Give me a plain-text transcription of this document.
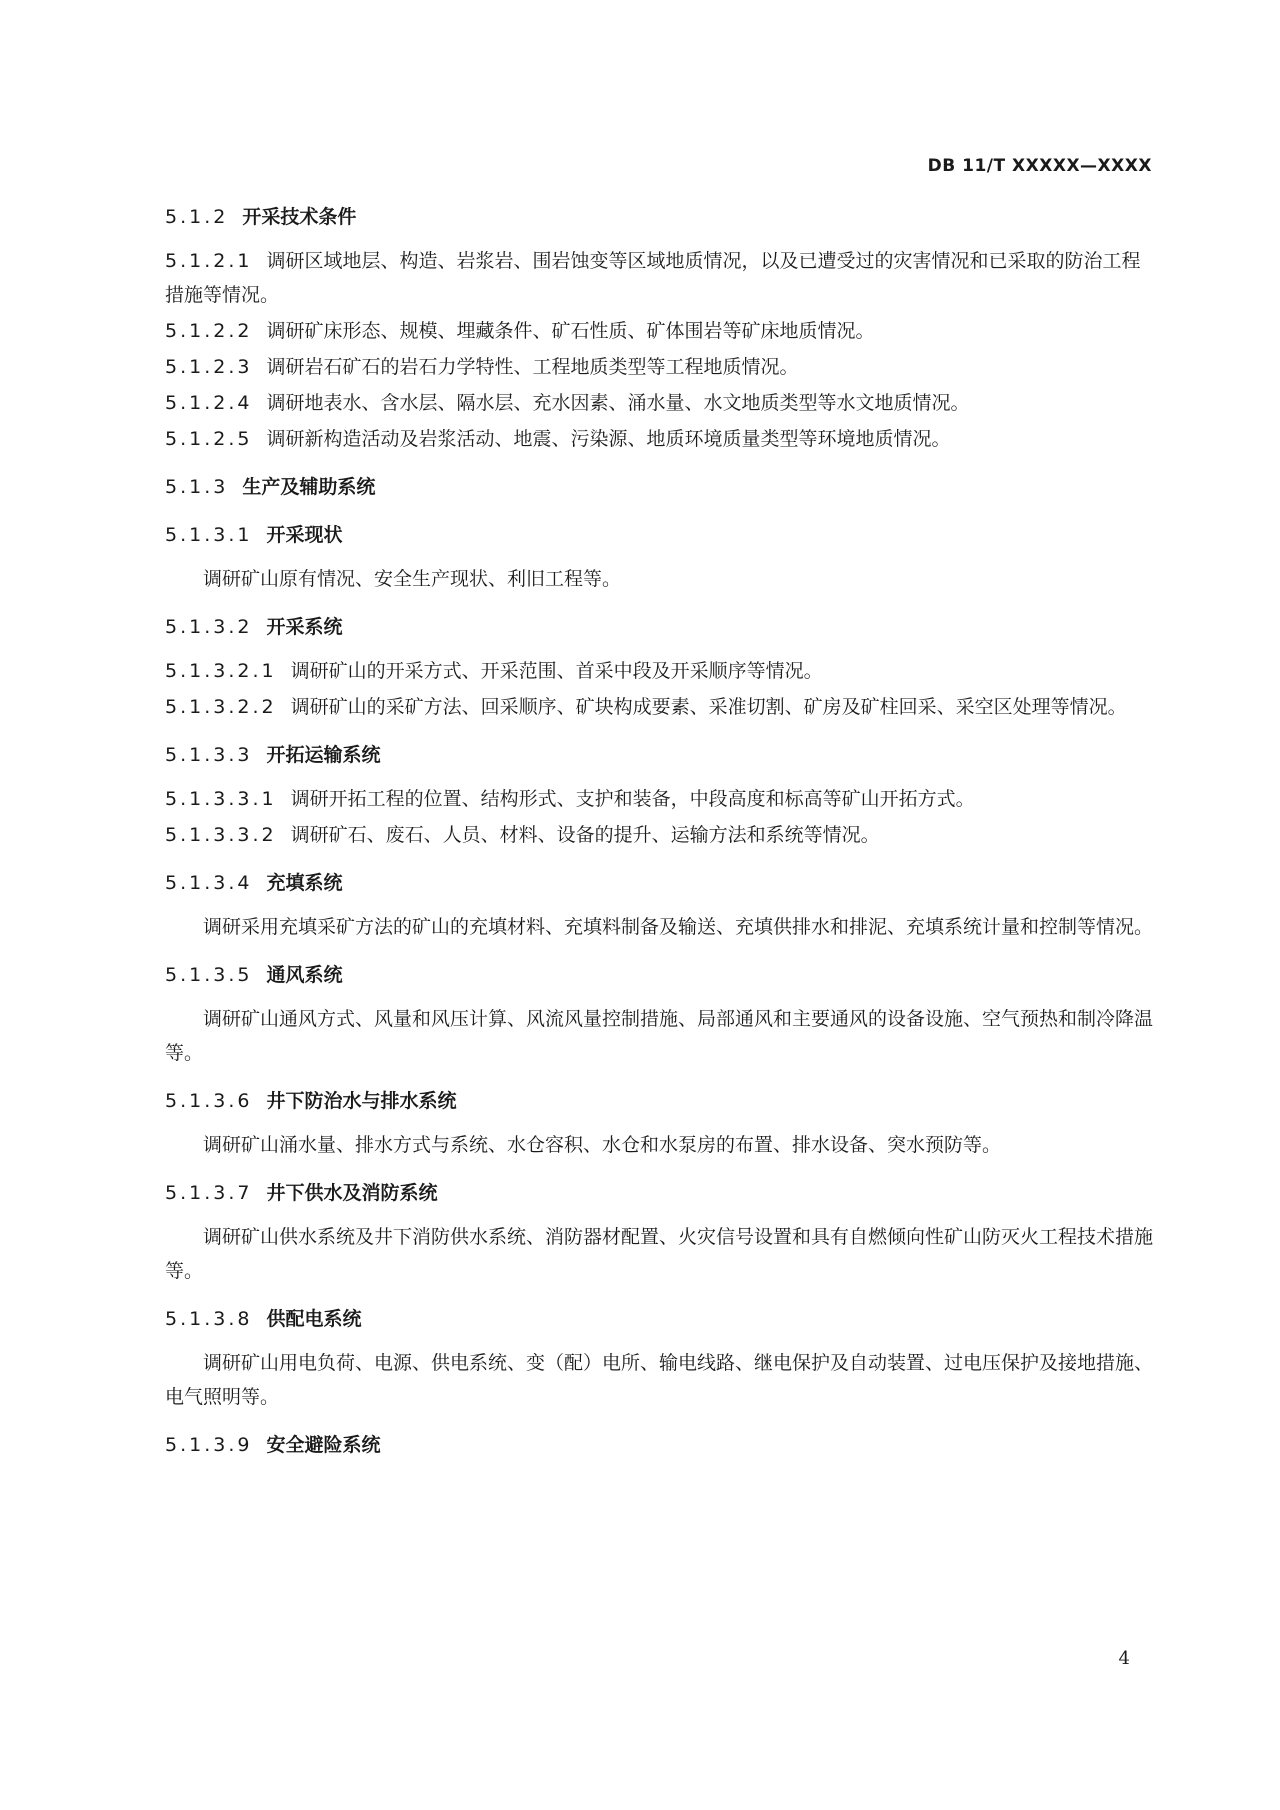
DB 11/T XXXXX—XXXX
5.1.2 开采技术条件
5.1.2.1 调研区域地层、构造、岩浆岩、围岩蚀变等区域地质情况，以及已遭受过的灾害情况和已采取的防治工程措施等情况。
5.1.2.2 调研矿床形态、规模、埋藏条件、矿石性质、矿体围岩等矿床地质情况。
5.1.2.3 调研岩石矿石的岩石力学特性、工程地质类型等工程地质情况。
5.1.2.4 调研地表水、含水层、隔水层、充水因素、涌水量、水文地质类型等水文地质情况。
5.1.2.5 调研新构造活动及岩浆活动、地震、污染源、地质环境质量类型等环境地质情况。
5.1.3 生产及辅助系统
5.1.3.1 开采现状
调研矿山原有情况、安全生产现状、利旧工程等。
5.1.3.2 开采系统
5.1.3.2.1 调研矿山的开采方式、开采范围、首采中段及开采顺序等情况。
5.1.3.2.2 调研矿山的采矿方法、回采顺序、矿块构成要素、采准切割、矿房及矿柱回采、采空区处理等情况。
5.1.3.3 开拓运输系统
5.1.3.3.1 调研开拓工程的位置、结构形式、支护和装备，中段高度和标高等矿山开拓方式。
5.1.3.3.2 调研矿石、废石、人员、材料、设备的提升、运输方法和系统等情况。
5.1.3.4 充填系统
调研采用充填采矿方法的矿山的充填材料、充填料制备及输送、充填供排水和排泥、充填系统计量和控制等情况。
5.1.3.5 通风系统
调研矿山通风方式、风量和风压计算、风流风量控制措施、局部通风和主要通风的设备设施、空气预热和制冷降温等。
5.1.3.6 井下防治水与排水系统
调研矿山涌水量、排水方式与系统、水仓容积、水仓和水泵房的布置、排水设备、突水预防等。
5.1.3.7 井下供水及消防系统
调研矿山供水系统及井下消防供水系统、消防器材配置、火灾信号设置和具有自燃倾向性矿山防灭火工程技术措施等。
5.1.3.8 供配电系统
调研矿山用电负荷、电源、供电系统、变（配）电所、输电线路、继电保护及自动装置、过电压保护及接地措施、电气照明等。
5.1.3.9 安全避险系统
4
